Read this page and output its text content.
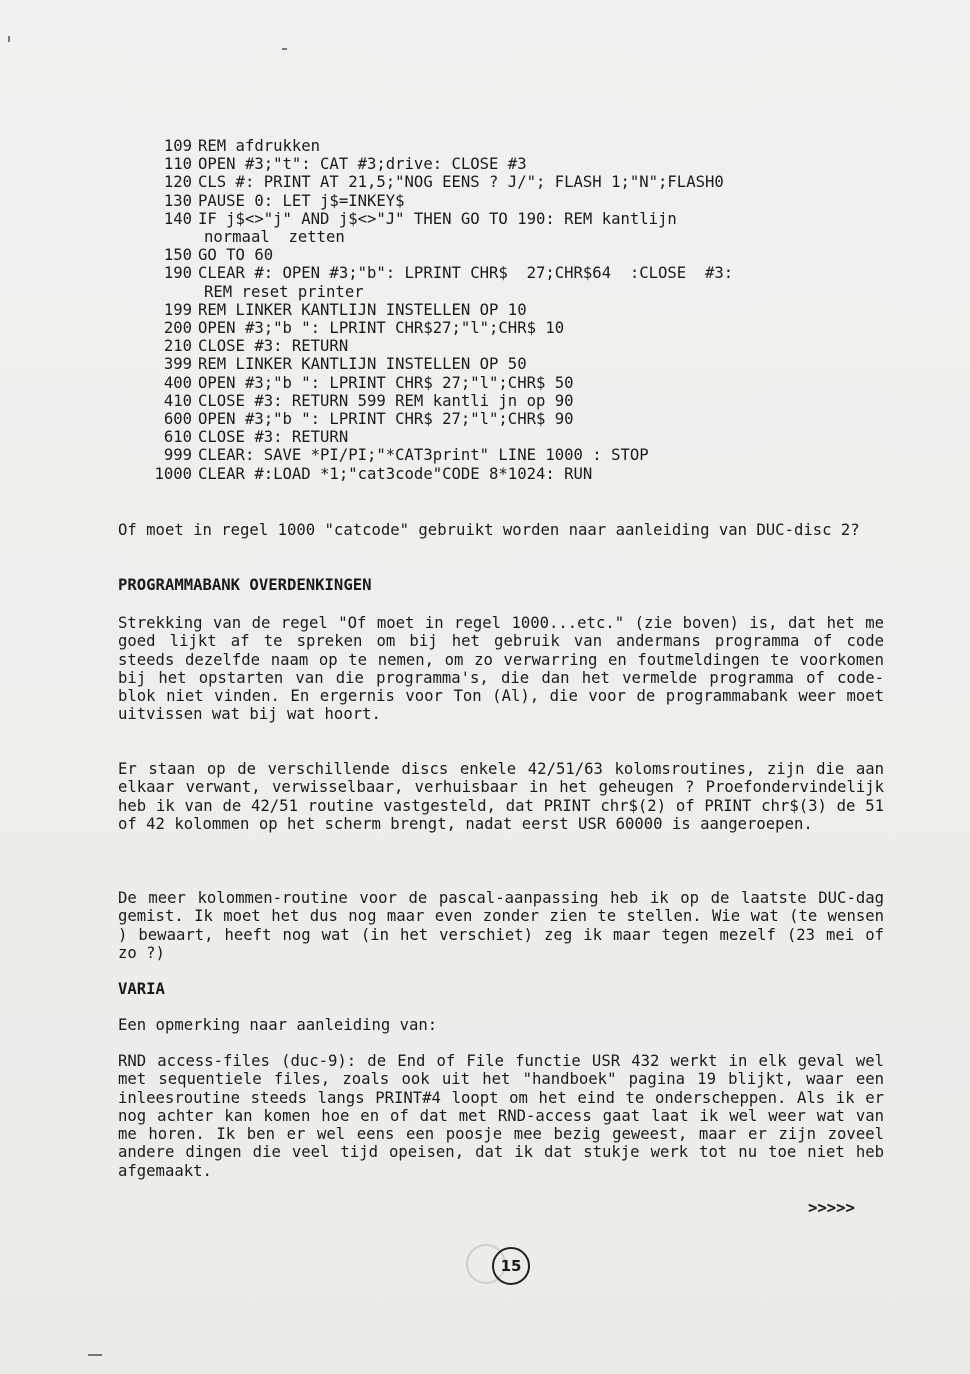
109 REM afdrukken
110 OPEN #3;"t": CAT #3;drive: CLOSE #3
120 CLS #: PRINT AT 21,5;"NOG EENS ? J/"; FLASH 1;"N";FLASH0
130 PAUSE 0: LET j$=INKEY$
140 IF j$<>"j" AND j$<>"J" THEN GO TO 190: REM kantlijn
normaal  zetten
150 GO TO 60
190 CLEAR #: OPEN #3;"b": LPRINT CHR$  27;CHR$64  :CLOSE  #3:
REM reset printer
199 REM LINKER KANTLIJN INSTELLEN OP 10
200 OPEN #3;"b ": LPRINT CHR$27;"l";CHR$ 10
210 CLOSE #3: RETURN
399 REM LINKER KANTLIJN INSTELLEN OP 50
400 OPEN #3;"b ": LPRINT CHR$ 27;"l";CHR$ 50
410 CLOSE #3: RETURN 599 REM kantli jn op 90
600 OPEN #3;"b ": LPRINT CHR$ 27;"l";CHR$ 90
610 CLOSE #3: RETURN
999 CLEAR: SAVE *PI/PI;"*CAT3print" LINE 1000 : STOP
1000 CLEAR #:LOAD *1;"cat3code"CODE 8*1024: RUN

Of moet in regel 1000 "catcode" gebruikt worden naar aanleiding van DUC-disc 2?

PROGRAMMABANK OVERDENKINGEN

Strekking van de regel "Of moet in regel 1000...etc." (zie boven) is, dat het me goed lijkt af te spreken om bij het gebruik van andermans programma of code steeds dezelfde naam op te nemen, om zo verwarring en foutmeldingen te voorkomen bij het opstarten van die programma's, die dan het vermelde programma of code-blok niet vinden. En ergernis voor Ton (Al), die voor de programmabank weer moet uitvissen wat bij wat hoort.

Er staan op de verschillende discs enkele 42/51/63 kolomsroutines, zijn die aan elkaar verwant, verwisselbaar, verhuisbaar in het geheugen ? Proefondervindelijk heb ik van de 42/51 routine vastgesteld, dat PRINT chr$(2) of PRINT chr$(3) de 51 of 42 kolommen op het scherm brengt, nadat eerst USR 60000 is aangeroepen.

De meer kolommen-routine voor de pascal-aanpassing heb ik op de laatste DUC-dag gemist. Ik moet het dus nog maar even zonder zien te stellen. Wie wat (te wensen ) bewaart, heeft nog wat (in het verschiet) zeg ik maar tegen mezelf (23 mei of zo ?)

VARIA

Een opmerking naar aanleiding van:

RND access-files (duc-9): de End of File functie USR 432 werkt in elk geval wel met sequentiele files, zoals ook uit het "handboek" pagina 19 blijkt, waar een inleesroutine steeds langs PRINT#4 loopt om het eind te onderscheppen. Als ik er nog achter kan komen hoe en of dat met RND-access gaat laat ik wel weer wat van me horen. Ik ben er wel eens een poosje mee bezig geweest, maar er zijn zoveel andere dingen die veel tijd opeisen, dat ik dat stukje werk tot nu toe niet heb afgemaakt.

>>>>>
15
